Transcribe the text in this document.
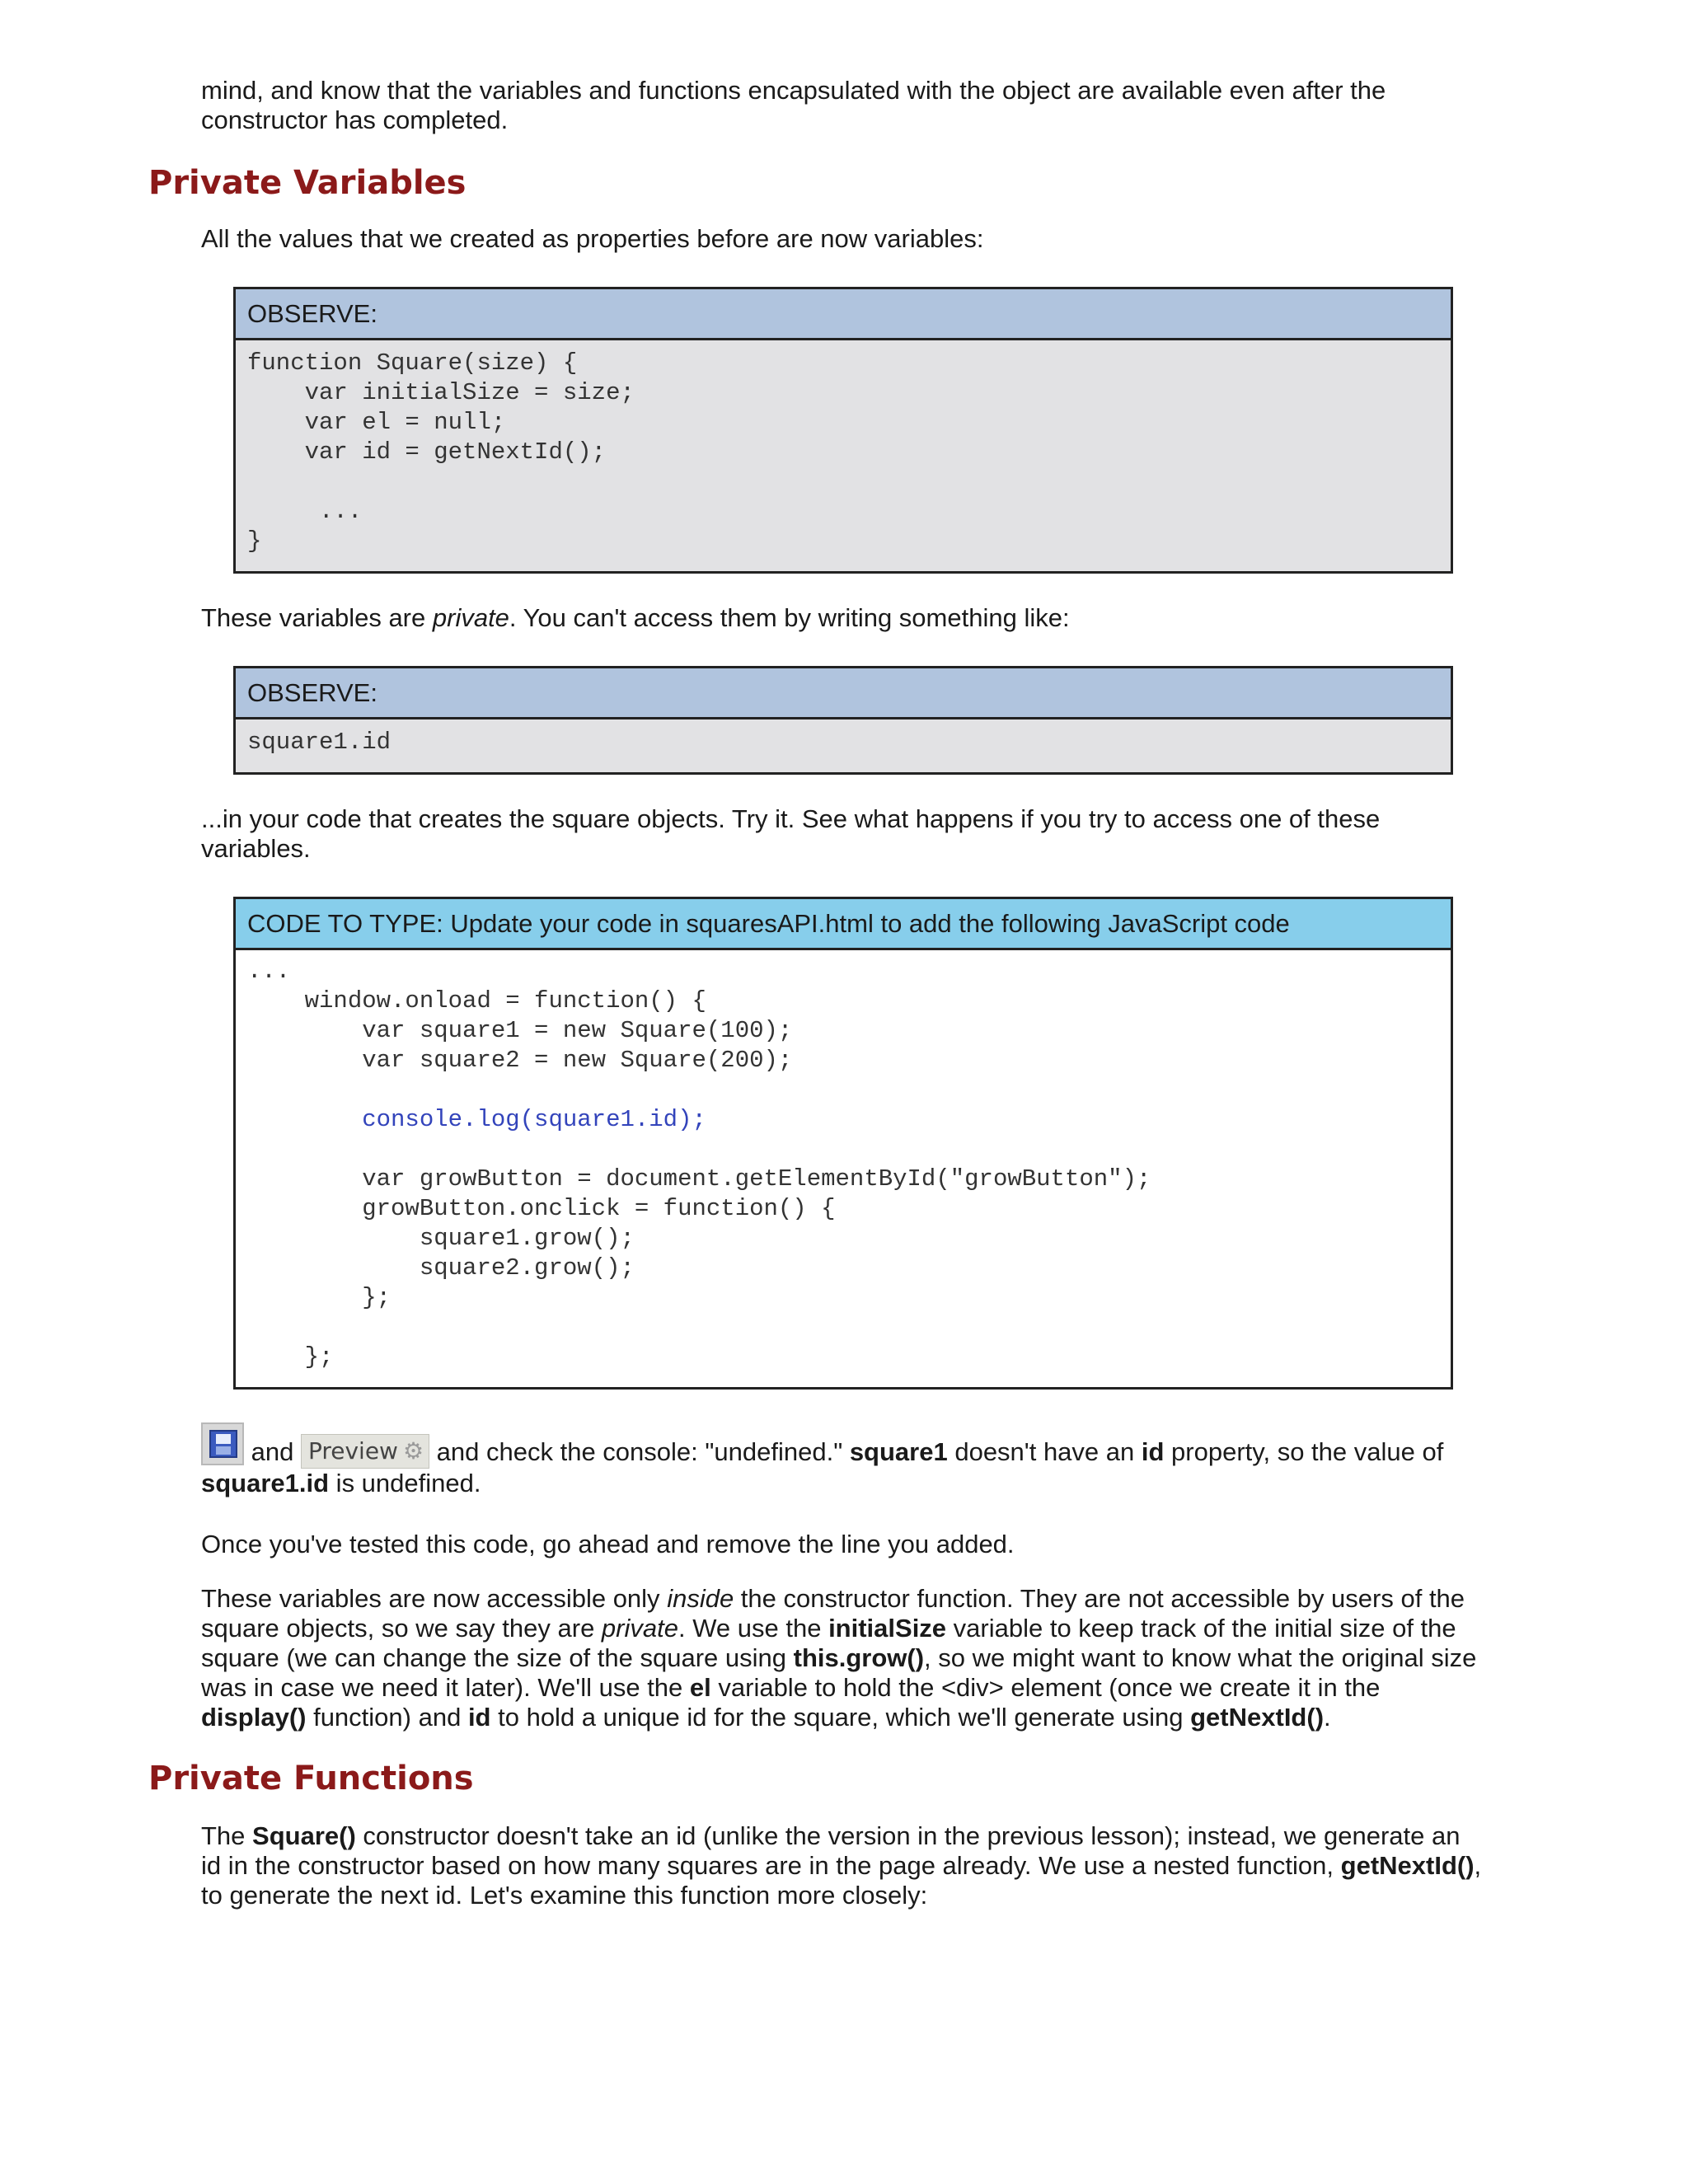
mind, and know that the variables and functions encapsulated with the object are available even after the
constructor has completed.

Private Variables

All the values that we created as properties before are now variables:

OBSERVE:
function Square(size) {
var initialSize = size;
var el = null;
var id = getNextId();

...
}

These variables are private. You can't access them by writing something like:

OBSERVE:
square1.id

...in your code that creates the square objects. Try it. See what happens if you try to access one of these variables.

CODE TO TYPE: Update your code in squaresAPI.html to add the following JavaScript code
...
window.onload = function() {
var square1 = new Square(100);
var square2 = new Square(200);

console.log(square1.id);

var growButton = document.getElementById("growButton");
growButton.onclick = function() {
square1.grow();
square2.grow();
};

};

and Preview ⚙ and check the console: "undefined." square1 doesn't have an id property, so the value of square1.id is undefined.

Once you've tested this code, go ahead and remove the line you added.

These variables are now accessible only inside the constructor function. They are not accessible by users of the square objects, so we say they are private. We use the initialSize variable to keep track of the initial size of the square (we can change the size of the square using this.grow(), so we might want to know what the original size was in case we need it later). We'll use the el variable to hold the <div> element (once we create it in the display() function) and id to hold a unique id for the square, which we'll generate using getNextId().

Private Functions

The Square() constructor doesn't take an id (unlike the version in the previous lesson); instead, we generate an id in the constructor based on how many squares are in the page already. We use a nested function, getNextId(), to generate the next id. Let's examine this function more closely:
